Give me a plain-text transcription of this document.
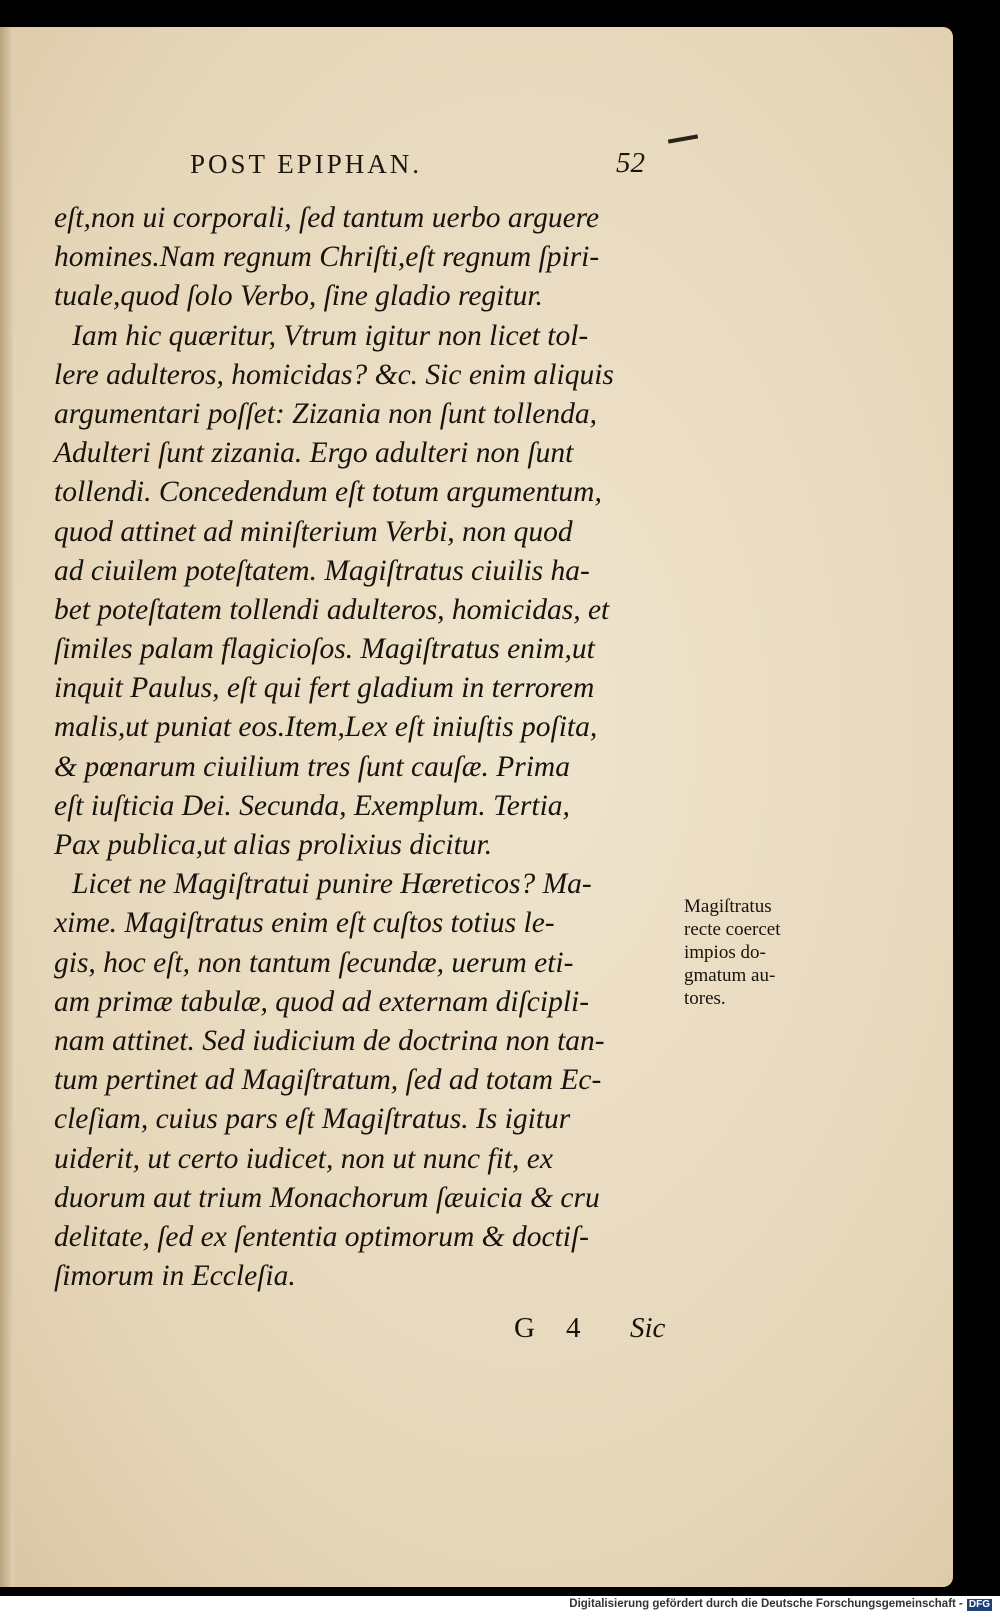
POST EPIPHAN.	52
eſt,non ui corporali, ſed tantum uerbo arguere
homines.Nam regnum Chriſti,eſt regnum ſpiri-
tuale,quod ſolo Verbo, ſine gladio regitur.
Iam hic quæritur, Vtrum igitur non licet tol-
lere adulteros, homicidas? &c. Sic enim aliquis
argumentari poſſet: Zizania non ſunt tollenda,
Adulteri ſunt zizania. Ergo adulteri non ſunt
tollendi. Concedendum eſt totum argumentum,
quod attinet ad miniſterium Verbi, non quod
ad ciuilem poteſtatem. Magiſtratus ciuilis ha-
bet poteſtatem tollendi adulteros, homicidas, et
ſimiles palam flagicioſos. Magiſtratus enim,ut
inquit Paulus, eſt qui fert gladium in terrorem
malis,ut puniat eos.Item,Lex eſt iniuſtis poſita,
& pœnarum ciuilium tres ſunt cauſæ. Prima
eſt iuſticia Dei. Secunda, Exemplum. Tertia,
Pax publica,ut alias prolixius dicitur.
Licet ne Magiſtratui punire Hæreticos? Ma-
xime. Magiſtratus enim eſt cuſtos totius le-
gis, hoc eſt, non tantum ſecundæ, uerum eti-
am primæ tabulæ, quod ad externam diſcipli-
nam attinet. Sed iudicium de doctrina non tan-
tum pertinet ad Magiſtratum, ſed ad totam Ec-
cleſiam, cuius pars eſt Magiſtratus. Is igitur
uiderit, ut certo iudicet, non ut nunc fit, ex
duorum aut trium Monachorum ſæuicia & cru
delitate, ſed ex ſententia optimorum & doctiſ-
ſimorum in Eccleſia.
Magiſtratus
recte coercet
impios dо-
gmatum au-
tores.
G 4 Sic
Digitalisierung gefördert durch die Deutsche Forschungsgemeinschaft - DFG
